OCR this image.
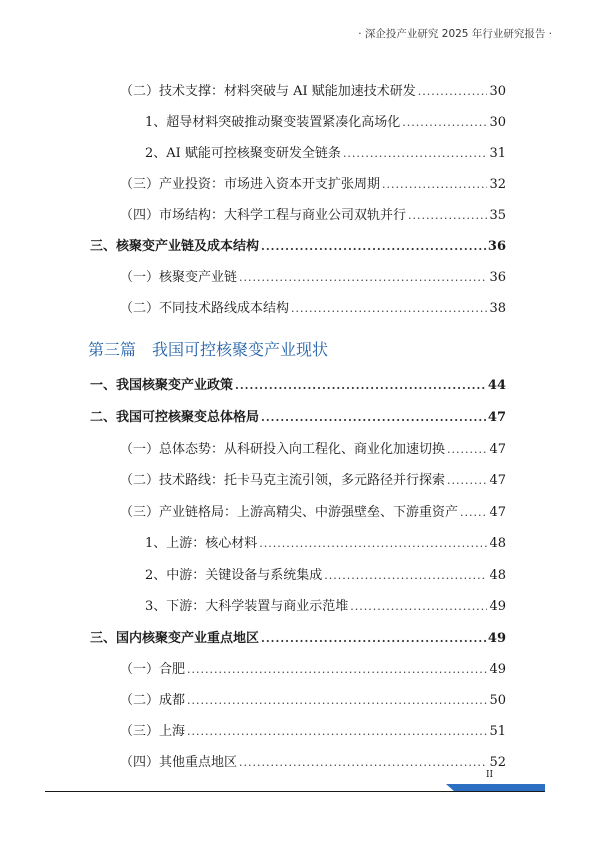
· 深企投产业研究 2025 年行业研究报告 ·
（二）技术支撑：材料突破与 AI 赋能加速技术研发 .....	30
1、超导材料突破推动聚变装置紧凑化高场化 .....	30
2、AI 赋能可控核聚变研发全链条 .....	31
（三）产业投资：市场进入资本开支扩张周期 .....	32
（四）市场结构：大科学工程与商业公司双轨并行 .....	35
三、核聚变产业链及成本结构 .....	36
（一）核聚变产业链 .....	36
（二）不同技术路线成本结构 .....	38
第三篇　我国可控核聚变产业现状
一、我国核聚变产业政策 .....	44
二、我国可控核聚变总体格局 .....	47
（一）总体态势：从科研投入向工程化、商业化加速切换 .....	47
（二）技术路线：托卡马克主流引领，多元路径并行探索 .....	47
（三）产业链格局：上游高精尖、中游强壁垒、下游重资产 ..... 47
1、上游：核心材料 .....	48
2、中游：关键设备与系统集成 .....	48
3、下游：大科学装置与商业示范堆 .....	49
三、国内核聚变产业重点地区 .....	49
（一）合肥 .....	49
（二）成都 .....	50
（三）上海 .....	51
（四）其他重点地区 .....	52
II
